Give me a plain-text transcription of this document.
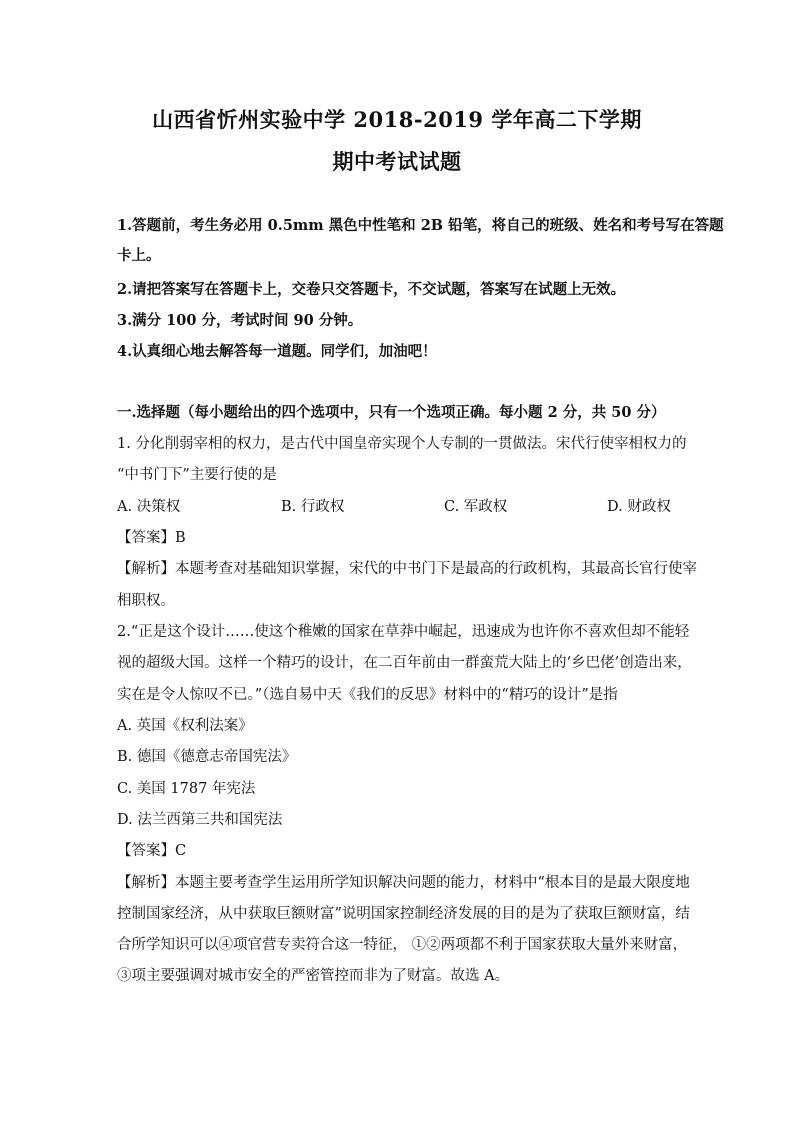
山西省忻州实验中学 2018-2019 学年高二下学期
期中考试试题
1.答题前，考生务必用 0.5mm 黑色中性笔和 2B 铅笔，将自己的班级、姓名和考号写在答题
卡上。
2.请把答案写在答题卡上，交卷只交答题卡，不交试题，答案写在试题上无效。
3.满分 100 分，考试时间 90 分钟。
4.认真细心地去解答每一道题。同学们，加油吧！
一.选择题（每小题给出的四个选项中，只有一个选项正确。每小题 2 分，共 50 分）
1. 分化削弱宰相的权力，是古代中国皇帝实现个人专制的一贯做法。宋代行使宰相权力的
“中书门下”主要行使的是
A. 决策权	B. 行政权	C. 军政权	D. 财政权
【答案】B
【解析】本题考查对基础知识掌握，宋代的中书门下是最高的行政机构，其最高长官行使宰
相职权。
2.“正是这个设计……使这个稚嫩的国家在草莽中崛起，迅速成为也许你不喜欢但却不能轻
视的超级大国。这样一个精巧的设计，在二百年前由一群蛮荒大陆上的‘乡巴佬’创造出来，
实在是令人惊叹不已。”（选自易中天《我们的反思》材料中的“精巧的设计”是指
A. 英国《权利法案》
B. 德国《德意志帝国宪法》
C. 美国 1787 年宪法
D. 法兰西第三共和国宪法
【答案】C
【解析】本题主要考查学生运用所学知识解决问题的能力，材料中“根本目的是最大限度地
控制国家经济，从中获取巨额财富”说明国家控制经济发展的目的是为了获取巨额财富，结
合所学知识可以④项官营专卖符合这一特征， ①②两项都不利于国家获取大量外来财富，
③项主要强调对城市安全的严密管控而非为了财富。故选 A。
